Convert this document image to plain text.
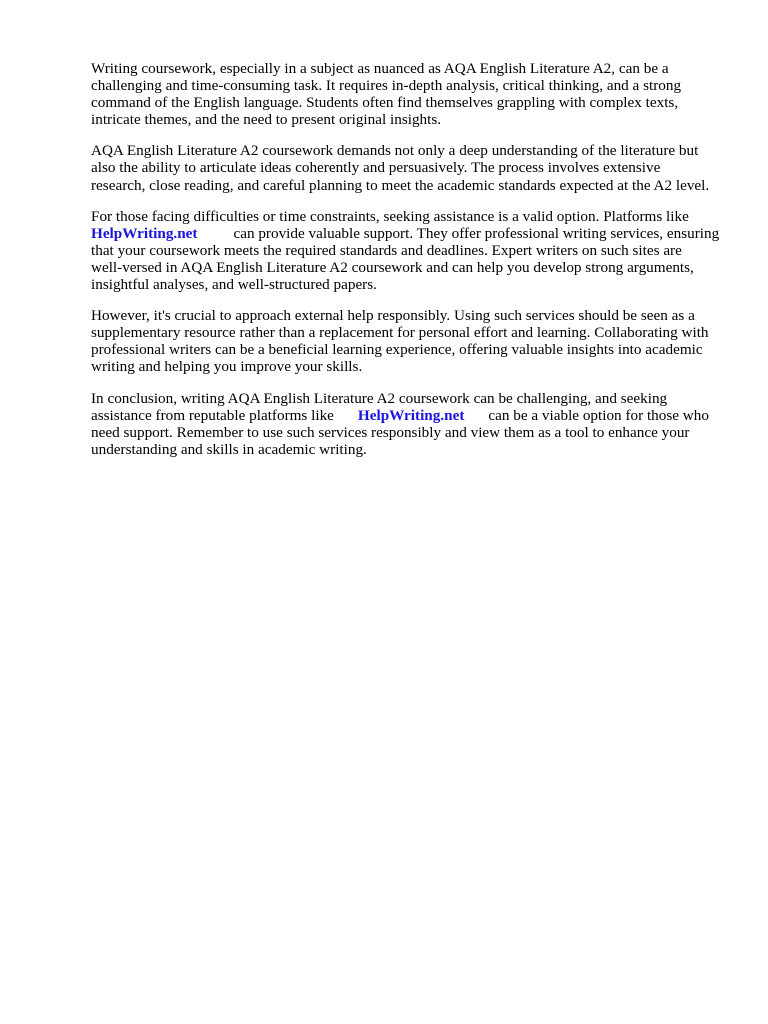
Writing coursework, especially in a subject as nuanced as AQA English Literature A2, can be a
challenging and time-consuming task. It requires in-depth analysis, critical thinking, and a strong
command of the English language. Students often find themselves grappling with complex texts,
intricate themes, and the need to present original insights.

AQA English Literature A2 coursework demands not only a deep understanding of the literature but
also the ability to articulate ideas coherently and persuasively. The process involves extensive
research, close reading, and careful planning to meet the academic standards expected at the A2 level.

For those facing difficulties or time constraints, seeking assistance is a valid option. Platforms like
HelpWriting.net can provide valuable support. They offer professional writing services, ensuring
that your coursework meets the required standards and deadlines. Expert writers on such sites are
well-versed in AQA English Literature A2 coursework and can help you develop strong arguments,
insightful analyses, and well-structured papers.

However, it's crucial to approach external help responsibly. Using such services should be seen as a
supplementary resource rather than a replacement for personal effort and learning. Collaborating with
professional writers can be a beneficial learning experience, offering valuable insights into academic
writing and helping you improve your skills.

In conclusion, writing AQA English Literature A2 coursework can be challenging, and seeking
assistance from reputable platforms like HelpWriting.net can be a viable option for those who
need support. Remember to use such services responsibly and view them as a tool to enhance your
understanding and skills in academic writing.
